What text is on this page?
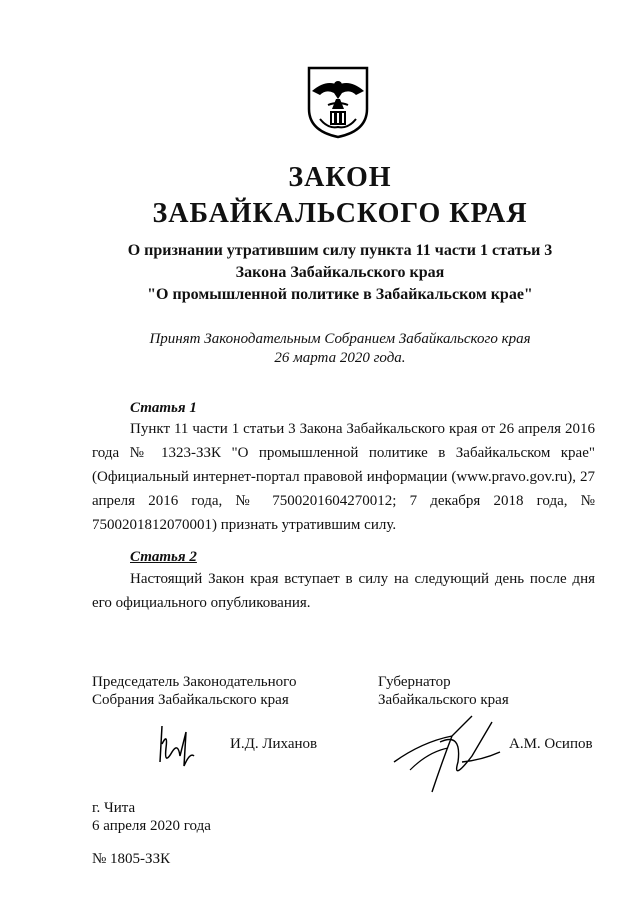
ЗАКОН
ЗАБАЙКАЛЬСКОГО КРАЯ
О признании утратившим силу пункта 11 части 1 статьи 3
Закона Забайкальского края
"О промышленной политике в Забайкальском крае"
Принят Законодательным Собранием Забайкальского края
26 марта 2020 года.
Статья 1
Пункт 11 части 1 статьи 3 Закона Забайкальского края от 26 апреля 2016 года № 1323-ЗЗК "О промышленной политике в Забайкальском крае" (Официальный интернет-портал правовой информации (www.pravo.gov.ru), 27 апреля 2016 года, № 7500201604270012; 7 декабря 2018 года, № 7500201812070001) признать утратившим силу.
Статья 2
Настоящий Закон края вступает в силу на следующий день после дня его официального опубликования.
Председатель Законодательного
Собрания Забайкальского края
Губернатор
Забайкальского края
И.Д. Лиханов	А.М. Осипов
г. Чита
6 апреля 2020 года
№ 1805-ЗЗК
